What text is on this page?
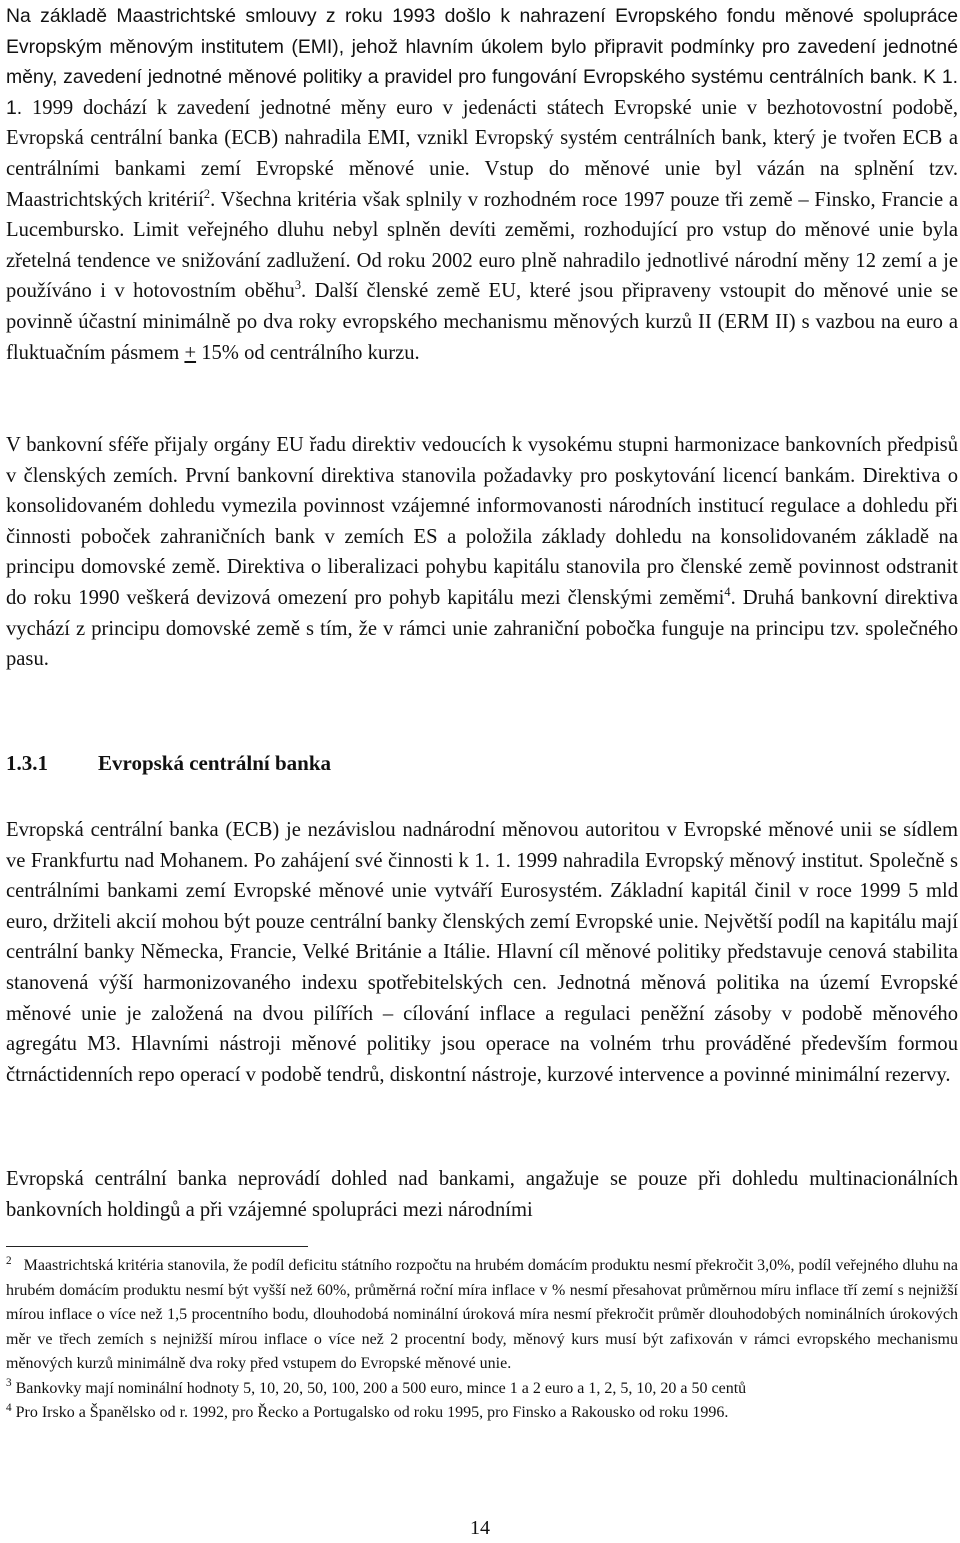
Na základě Maastrichtské smlouvy z roku 1993 došlo k nahrazení Evropského fondu měnové spolupráce Evropským měnovým institutem (EMI), jehož hlavním úkolem bylo připravit podmínky pro zavedení jednotné měny, zavedení jednotné měnové politiky a pravidel pro fungování Evropského systému centrálních bank. K 1. 1. 1999 dochází k zavedení jednotné měny euro v jedenácti státech Evropské unie v bezhotovostní podobě, Evropská centrální banka (ECB) nahradila EMI, vznikl Evropský systém centrálních bank, který je tvořen ECB a centrálními bankami zemí Evropské měnové unie. Vstup do měnové unie byl vázán na splnění tzv. Maastrichtských kritérií$^2$. Všechna kritéria však splnily v rozhodném roce 1997 pouze tři země – Finsko, Francie a Lucembursko. Limit veřejného dluhu nebyl splněn devíti zeměmi, rozhodující pro vstup do měnové unie byla zřetelná tendence ve snižování zadlužení. Od roku 2002 euro plně nahradilo jednotlivé národní měny 12 zemí a je používáno i v hotovostním oběhu$^3$. Další členské země EU, které jsou připraveny vstoupit do měnové unie se povinně účastní minimálně po dva roky evropského mechanismu měnových kurzů II (ERM II) s vazbou na euro a fluktuačním pásmem + 15% od centrálního kurzu.

V bankovní sféře přijaly orgány EU řadu direktiv vedoucích k vysokému stupni harmonizace bankovních předpisů v členských zemích. První bankovní direktiva stanovila požadavky pro poskytování licencí bankám. Direktiva o konsolidovaném dohledu vymezila povinnost vzájemné informovanosti národních institucí regulace a dohledu při činnosti poboček zahraničních bank v zemích ES a položila základy dohledu na konsolidovaném základě na principu domovské země. Direktiva o liberalizaci pohybu kapitálu stanovila pro členské země povinnost odstranit do roku 1990 veškerá devizová omezení pro pohyb kapitálu mezi členskými zeměmi$^4$. Druhá bankovní direktiva vychází z principu domovské země s tím, že v rámci unie zahraniční pobočka funguje na principu tzv. společného pasu.

1.3.1 Evropská centrální banka

Evropská centrální banka (ECB) je nezávislou nadnárodní měnovou autoritou v Evropské měnové unii se sídlem ve Frankfurtu nad Mohanem. Po zahájení své činnosti k 1. 1. 1999 nahradila Evropský měnový institut. Společně s centrálními bankami zemí Evropské měnové unie vytváří Eurosystém. Základní kapitál činil v roce 1999 5 mld euro, držiteli akcií mohou být pouze centrální banky členských zemí Evropské unie. Největší podíl na kapitálu mají centrální banky Německa, Francie, Velké Británie a Itálie. Hlavní cíl měnové politiky představuje cenová stabilita stanovená výší harmonizovaného indexu spotřebitelských cen. Jednotná měnová politika na území Evropské měnové unie je založená na dvou pilířích – cílování inflace a regulaci peněžní zásoby v podobě měnového agregátu M3. Hlavními nástroji měnové politiky jsou operace na volném trhu prováděné především formou čtrnáctidenních repo operací v podobě tendrů, diskontní nástroje, kurzové intervence a povinné minimální rezervy.

Evropská centrální banka neprovádí dohled nad bankami, angažuje se pouze při dohledu multinacionálních bankovních holdingů a při vzájemné spolupráci mezi národními

$^2$ Maastrichtská kritéria stanovila, že podíl deficitu státního rozpočtu na hrubém domácím produktu nesmí překročit 3,0%, podíl veřejného dluhu na hrubém domácím produktu nesmí být vyšší než 60%, průměrná roční míra inflace v % nesmí přesahovat průměrnou míru inflace tří zemí s nejnižší mírou inflace o více než 1,5 procentního bodu, dlouhodobá nominální úroková míra nesmí překročit průměr dlouhodobých nominálních úrokových měr ve třech zemích s nejnižší mírou inflace o více než 2 procentní body, měnový kurs musí být zafixován v rámci evropského mechanismu měnových kurzů minimálně dva roky před vstupem do Evropské měnové unie.

$^3$ Bankovky mají nominální hodnoty 5, 10, 20, 50, 100, 200 a 500 euro, mince 1 a 2 euro a 1, 2, 5, 10, 20 a 50 centů

$^4$ Pro Irsko a Španělsko od r. 1992, pro Řecko a Portugalsko od roku 1995, pro Finsko a Rakousko od roku 1996.

14
